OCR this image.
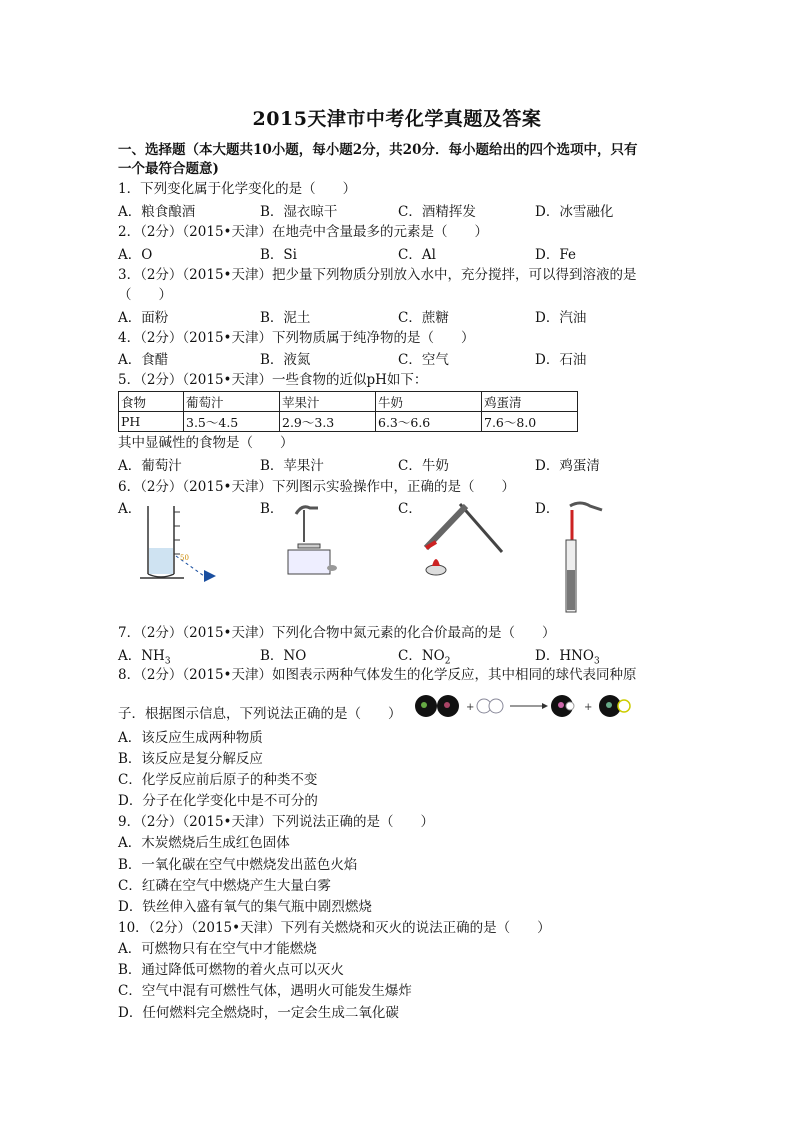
2015天津市中考化学真题及答案
一、选择题（本大题共10小题，每小题2分，共20分．每小题给出的四个选项中，只有
一个最符合题意)
1．下列变化属于化学变化的是（　　）
A．粮食酿酒	B．湿衣晾干	C．酒精挥发	D．冰雪融化
2．（2分）（2015•天津）在地壳中含量最多的元素是（　　）
A．O	B．Si	C．Al	D．Fe
3．（2分）（2015•天津）把少量下列物质分别放入水中，充分搅拌，可以得到溶液的是
（　　）
A．面粉	B．泥土	C．蔗糖	D．汽油
4．（2分）（2015•天津）下列物质属于纯净物的是（　　）
A．食醋	B．液氮	C．空气	D．石油
5．（2分）（2015•天津）一些食物的近似pH如下：
食物	葡萄汁	苹果汁	牛奶	鸡蛋清
PH	3.5～4.5	2.9～3.3	6.3～6.6	7.6～8.0
其中显碱性的食物是（　　）
A．葡萄汁	B．苹果汁	C．牛奶	D．鸡蛋清
6．（2分）（2015•天津）下列图示实验操作中，正确的是（　　）
A．	B．	C．	D．
50
7．（2分）（2015•天津）下列化合物中氮元素的化合价最高的是（　　）
A．$NH_3$	B．NO	C．$NO_2$	D．$HNO_3$
8．（2分）（2015•天津）如图表示两种气体发生的化学反应，其中相同的球代表同种原
子．根据图示信息，下列说法正确的是（　　）	+	+
A．该反应生成两种物质
B．该反应是复分解反应
C．化学反应前后原子的种类不变
D．分子在化学变化中是不可分的
9．（2分）（2015•天津）下列说法正确的是（　　）
A．木炭燃烧后生成红色固体
B．一氧化碳在空气中燃烧发出蓝色火焰
C．红磷在空气中燃烧产生大量白雾
D．铁丝伸入盛有氧气的集气瓶中剧烈燃烧
10．（2分）（2015•天津）下列有关燃烧和灭火的说法正确的是（　　）
A．可燃物只有在空气中才能燃烧
B．通过降低可燃物的着火点可以灭火
C．空气中混有可燃性气体，遇明火可能发生爆炸
D．任何燃料完全燃烧时，一定会生成二氧化碳
